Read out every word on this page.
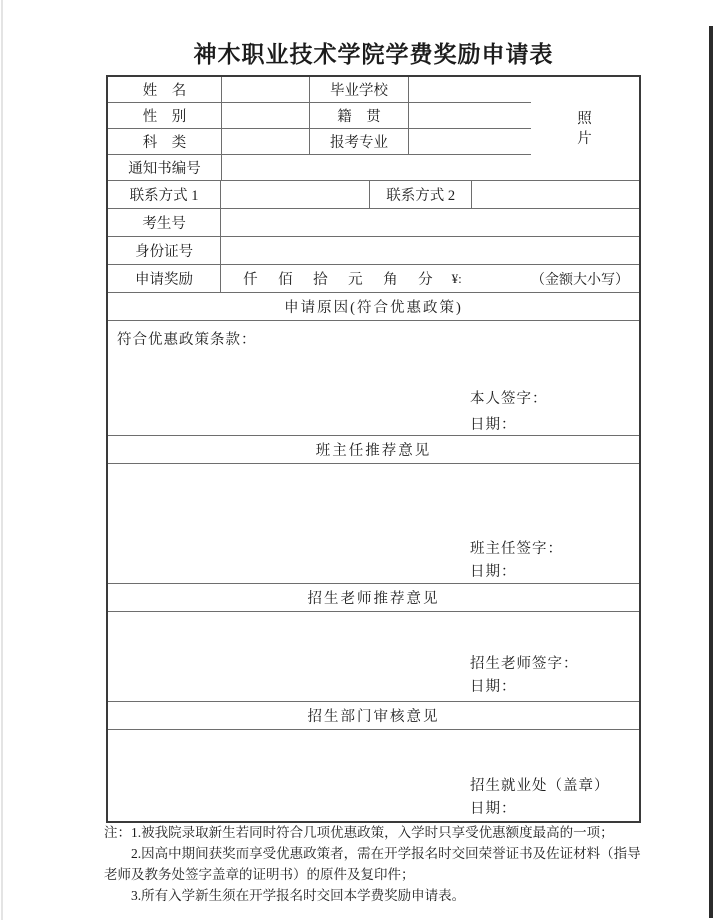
神木职业技术学院学费奖励申请表
姓　名	毕业学校
性　别	籍　贯
科　类	报考专业
通知书编号
照
片
联系方式 1	联系方式 2
考生号
身份证号
申请奖励	仟　佰　拾　元　角　分 ¥:	（金额大小写）
申请原因(符合优惠政策)
符合优惠政策条款：
本人签字：
日期：
班主任推荐意见
班主任签字：
日期：
招生老师推荐意见
招生老师签字：
日期：
招生部门审核意见
招生就业处（盖章）
日期：
注：1.被我院录取新生若同时符合几项优惠政策，入学时只享受优惠额度最高的一项；
2.因高中期间获奖而享受优惠政策者，需在开学报名时交回荣誉证书及佐证材料（指导
老师及教务处签字盖章的证明书）的原件及复印件；
3.所有入学新生须在开学报名时交回本学费奖励申请表。
